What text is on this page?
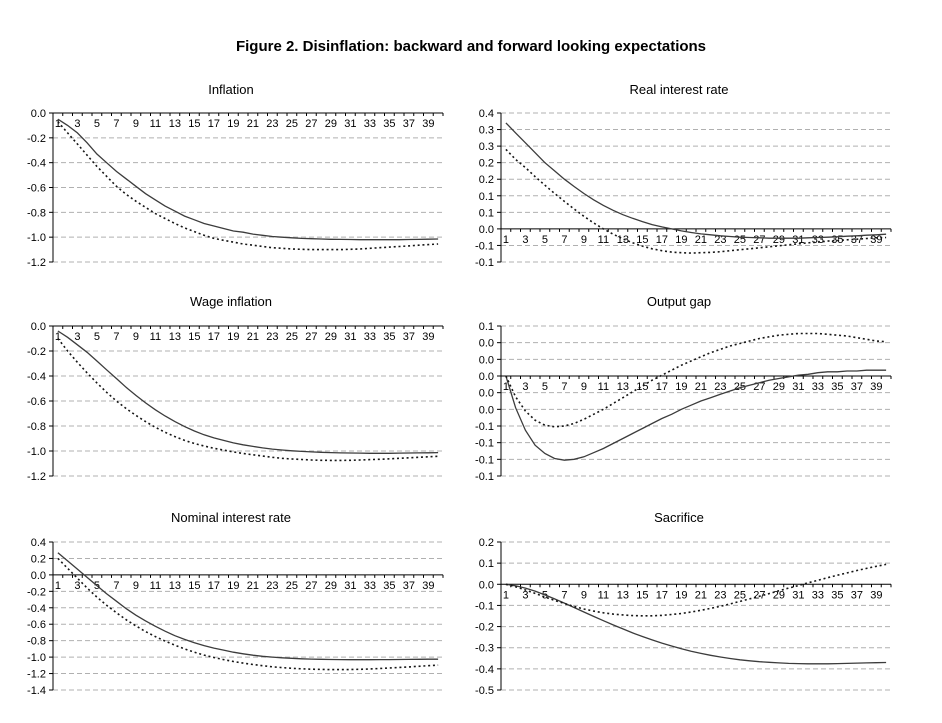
Figure 2. Disinflation: backward and forward looking expectations
Inflation
0.0
-0.2
-0.4
-0.6
-0.8
-1.0
-1.2
1 3 5 7 9 11 13 15 17 19 21 23 25 27 29 31 33 35 37 39
Real interest rate
0.4
0.3
0.3
0.2
0.2
0.1
0.1
0.0
-0.1
-0.1
1 3 5 7 9 11 13 15 17 19 21 23 25 27 29 31 33 35 37 39
Wage inflation
0.0
-0.2
-0.4
-0.6
-0.8
-1.0
-1.2
1 3 5 7 9 11 13 15 17 19 21 23 25 27 29 31 33 35 37 39
Output gap
0.1
0.0
0.0
0.0
0.0
0.0
-0.1
-0.1
-0.1
-0.1
1 3 5 7 9 11 13 15 17 19 21 23 25 27 29 31 33 35 37 39
Nominal interest rate
0.4
0.2
0.0
-0.2
-0.4
-0.6
-0.8
-1.0
-1.2
-1.4
1 3 5 7 9 11 13 15 17 19 21 23 25 27 29 31 33 35 37 39
Sacrifice
0.2
0.1
0.0
-0.1
-0.2
-0.3
-0.4
-0.5
1 3 5 7 9 11 13 15 17 19 21 23 25 27 29 31 33 35 37 39
